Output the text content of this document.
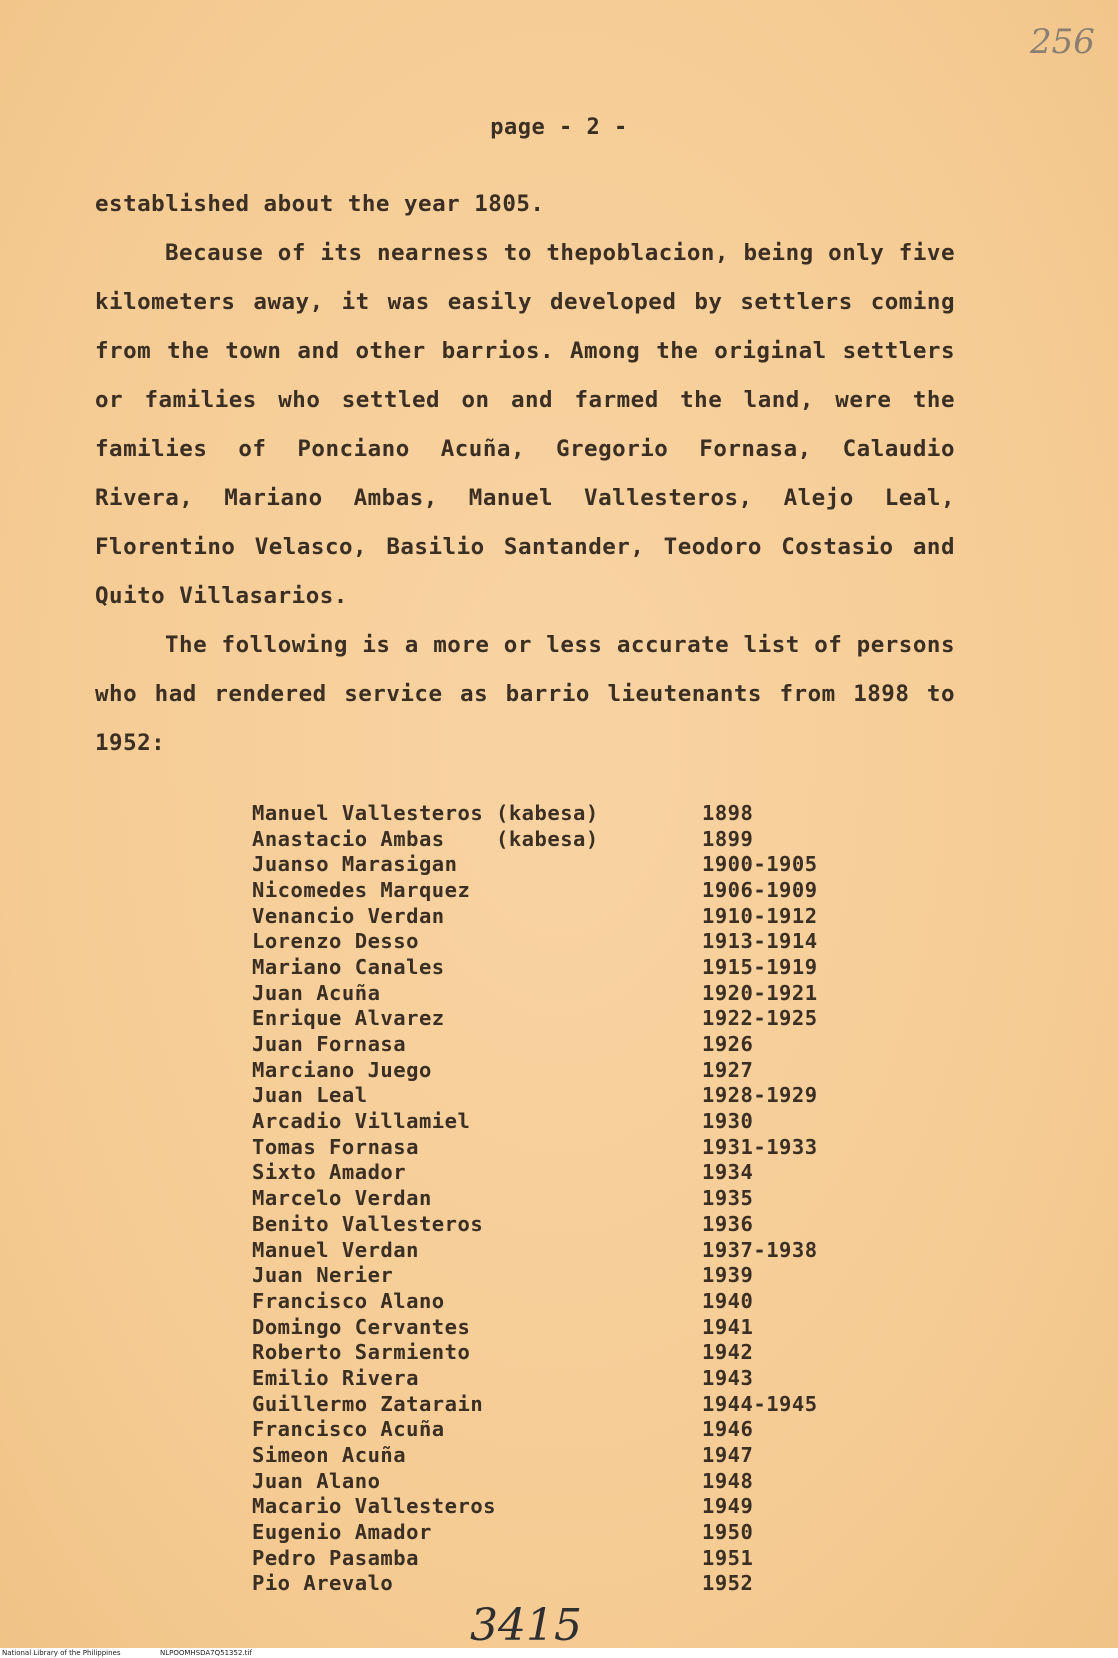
256
page - 2 -

established about the year 1805.

Because of its nearness to thepoblacion, being only five kilometers away, it was easily developed by settlers coming from the town and other barrios. Among the original settlers or families who settled on and farmed the land, were the families of Ponciano Acuña, Gregorio Fornasa, Calaudio Rivera, Mariano Ambas, Manuel Vallesteros, Alejo Leal, Florentino Velasco, Basilio Santander, Teodoro Costasio and Quito Villasarios.

The following is a more or less accurate list of persons who had rendered service as barrio lieutenants from 1898 to 1952:

Manuel Vallesteros (kabesa)	1898
Anastacio Ambas    (kabesa)	1899
Juanso Marasigan	1900-1905
Nicomedes Marquez	1906-1909
Venancio Verdan	1910-1912
Lorenzo Desso	1913-1914
Mariano Canales	1915-1919
Juan Acuña	1920-1921
Enrique Alvarez	1922-1925
Juan Fornasa	1926
Marciano Juego	1927
Juan Leal	1928-1929
Arcadio Villamiel	1930
Tomas Fornasa	1931-1933
Sixto Amador	1934
Marcelo Verdan	1935
Benito Vallesteros	1936
Manuel Verdan	1937-1938
Juan Nerier	1939
Francisco Alano	1940
Domingo Cervantes	1941
Roberto Sarmiento	1942
Emilio Rivera	1943
Guillermo Zatarain	1944-1945
Francisco Acuña	1946
Simeon Acuña	1947
Juan Alano	1948
Macario Vallesteros	1949
Eugenio Amador	1950
Pedro Pasamba	1951
Pio Arevalo	1952
3415
National Library of the Philippines	NLPOOMHSDA7Q51352.tif
